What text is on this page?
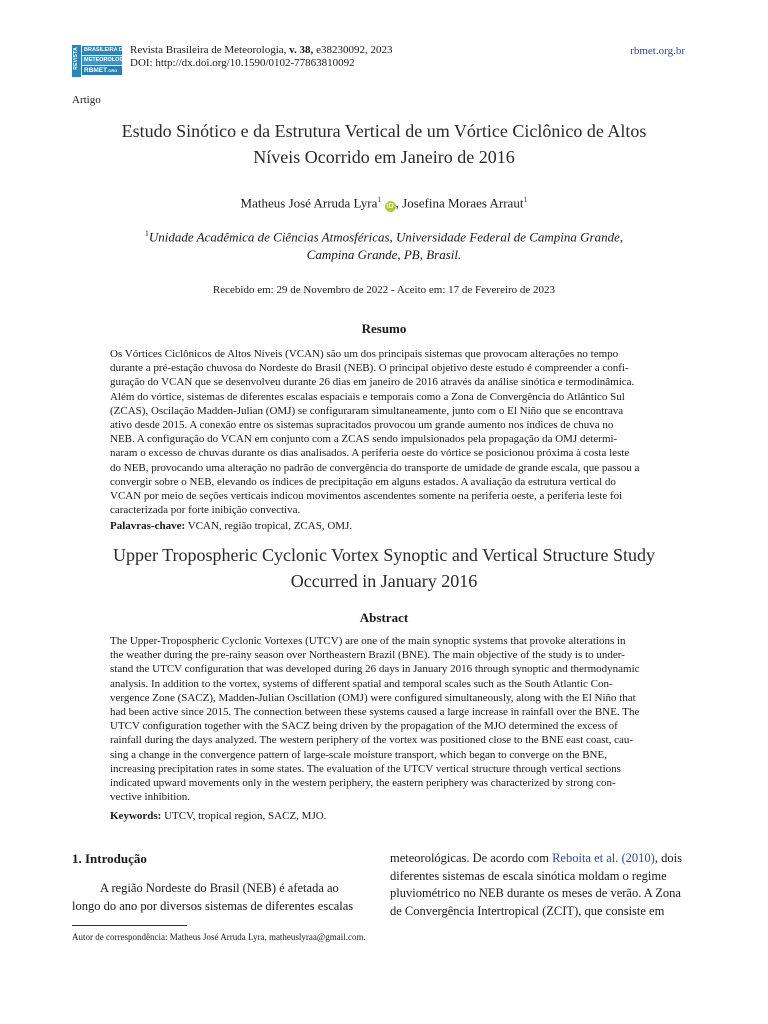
REVISTA BRASILEIRA DE
METEOROLOGIA
RBMET.ORG
Revista Brasileira de Meteorologia, v. 38, e38230092, 2023
DOI: http://dx.doi.org/10.1590/0102-77863810092
rbmet.org.br
Artigo
Estudo Sinótico e da Estrutura Vertical de um Vórtice Ciclônico de Altos
Níveis Ocorrido em Janeiro de 2016
Matheus José Arruda Lyra$^1$ iD , Josefina Moraes Arraut$^1$
$^1$Unidade Acadêmica de Ciências Atmosféricas, Universidade Federal de Campina Grande,
Campina Grande, PB, Brasil.
Recebido em: 29 de Novembro de 2022 - Aceito em: 17 de Fevereiro de 2023
Resumo
Os Vórtices Ciclônicos de Altos Níveis (VCAN) são um dos principais sistemas que provocam alterações no tempo
durante a pré-estação chuvosa do Nordeste do Brasil (NEB). O principal objetivo deste estudo é compreender a confi-
guração do VCAN que se desenvolveu durante 26 dias em janeiro de 2016 através da análise sinótica e termodinâmica.
Além do vórtice, sistemas de diferentes escalas espaciais e temporais como a Zona de Convergência do Atlântico Sul
(ZCAS), Oscilação Madden-Julian (OMJ) se configuraram simultaneamente, junto com o El Niño que se encontrava
ativo desde 2015. A conexão entre os sistemas supracitados provocou um grande aumento nos índices de chuva no
NEB. A configuração do VCAN em conjunto com a ZCAS sendo impulsionados pela propagação da OMJ determi-
naram o excesso de chuvas durante os dias analisados. A periferia oeste do vórtice se posicionou próxima à costa leste
do NEB, provocando uma alteração no padrão de convergência do transporte de umidade de grande escala, que passou a
convergir sobre o NEB, elevando os índices de precipitação em alguns estados. A avaliação da estrutura vertical do
VCAN por meio de seções verticais indicou movimentos ascendentes somente na periferia oeste, a periferia leste foi
caracterizada por forte inibição convectiva.
Palavras-chave: VCAN, região tropical, ZCAS, OMJ.
Upper Tropospheric Cyclonic Vortex Synoptic and Vertical Structure Study
Occurred in January 2016
Abstract
The Upper-Tropospheric Cyclonic Vortexes (UTCV) are one of the main synoptic systems that provoke alterations in
the weather during the pre-rainy season over Northeastern Brazil (BNE). The main objective of the study is to under-
stand the UTCV configuration that was developed during 26 days in January 2016 through synoptic and thermodynamic
analysis. In addition to the vortex, systems of different spatial and temporal scales such as the South Atlantic Con-
vergence Zone (SACZ), Madden-Julian Oscillation (OMJ) were configured simultaneously, along with the El Niño that
had been active since 2015. The connection between these systems caused a large increase in rainfall over the BNE. The
UTCV configuration together with the SACZ being driven by the propagation of the MJO determined the excess of
rainfall during the days analyzed. The western periphery of the vortex was positioned close to the BNE east coast, cau-
sing a change in the convergence pattern of large-scale moisture transport, which began to converge on the BNE,
increasing precipitation rates in some states. The evaluation of the UTCV vertical structure through vertical sections
indicated upward movements only in the western periphery, the eastern periphery was characterized by strong con-
vective inhibition.
Keywords: UTCV, tropical region, SACZ, MJO.
1. Introdução
A região Nordeste do Brasil (NEB) é afetada ao
longo do ano por diversos sistemas de diferentes escalas
meteorológicas. De acordo com Reboita et al. (2010), dois
diferentes sistemas de escala sinótica moldam o regime
pluviométrico no NEB durante os meses de verão. A Zona
de Convergência Intertropical (ZCIT), que consiste em
Autor de correspondência: Matheus José Arruda Lyra, matheuslyraa@gmail.com.
